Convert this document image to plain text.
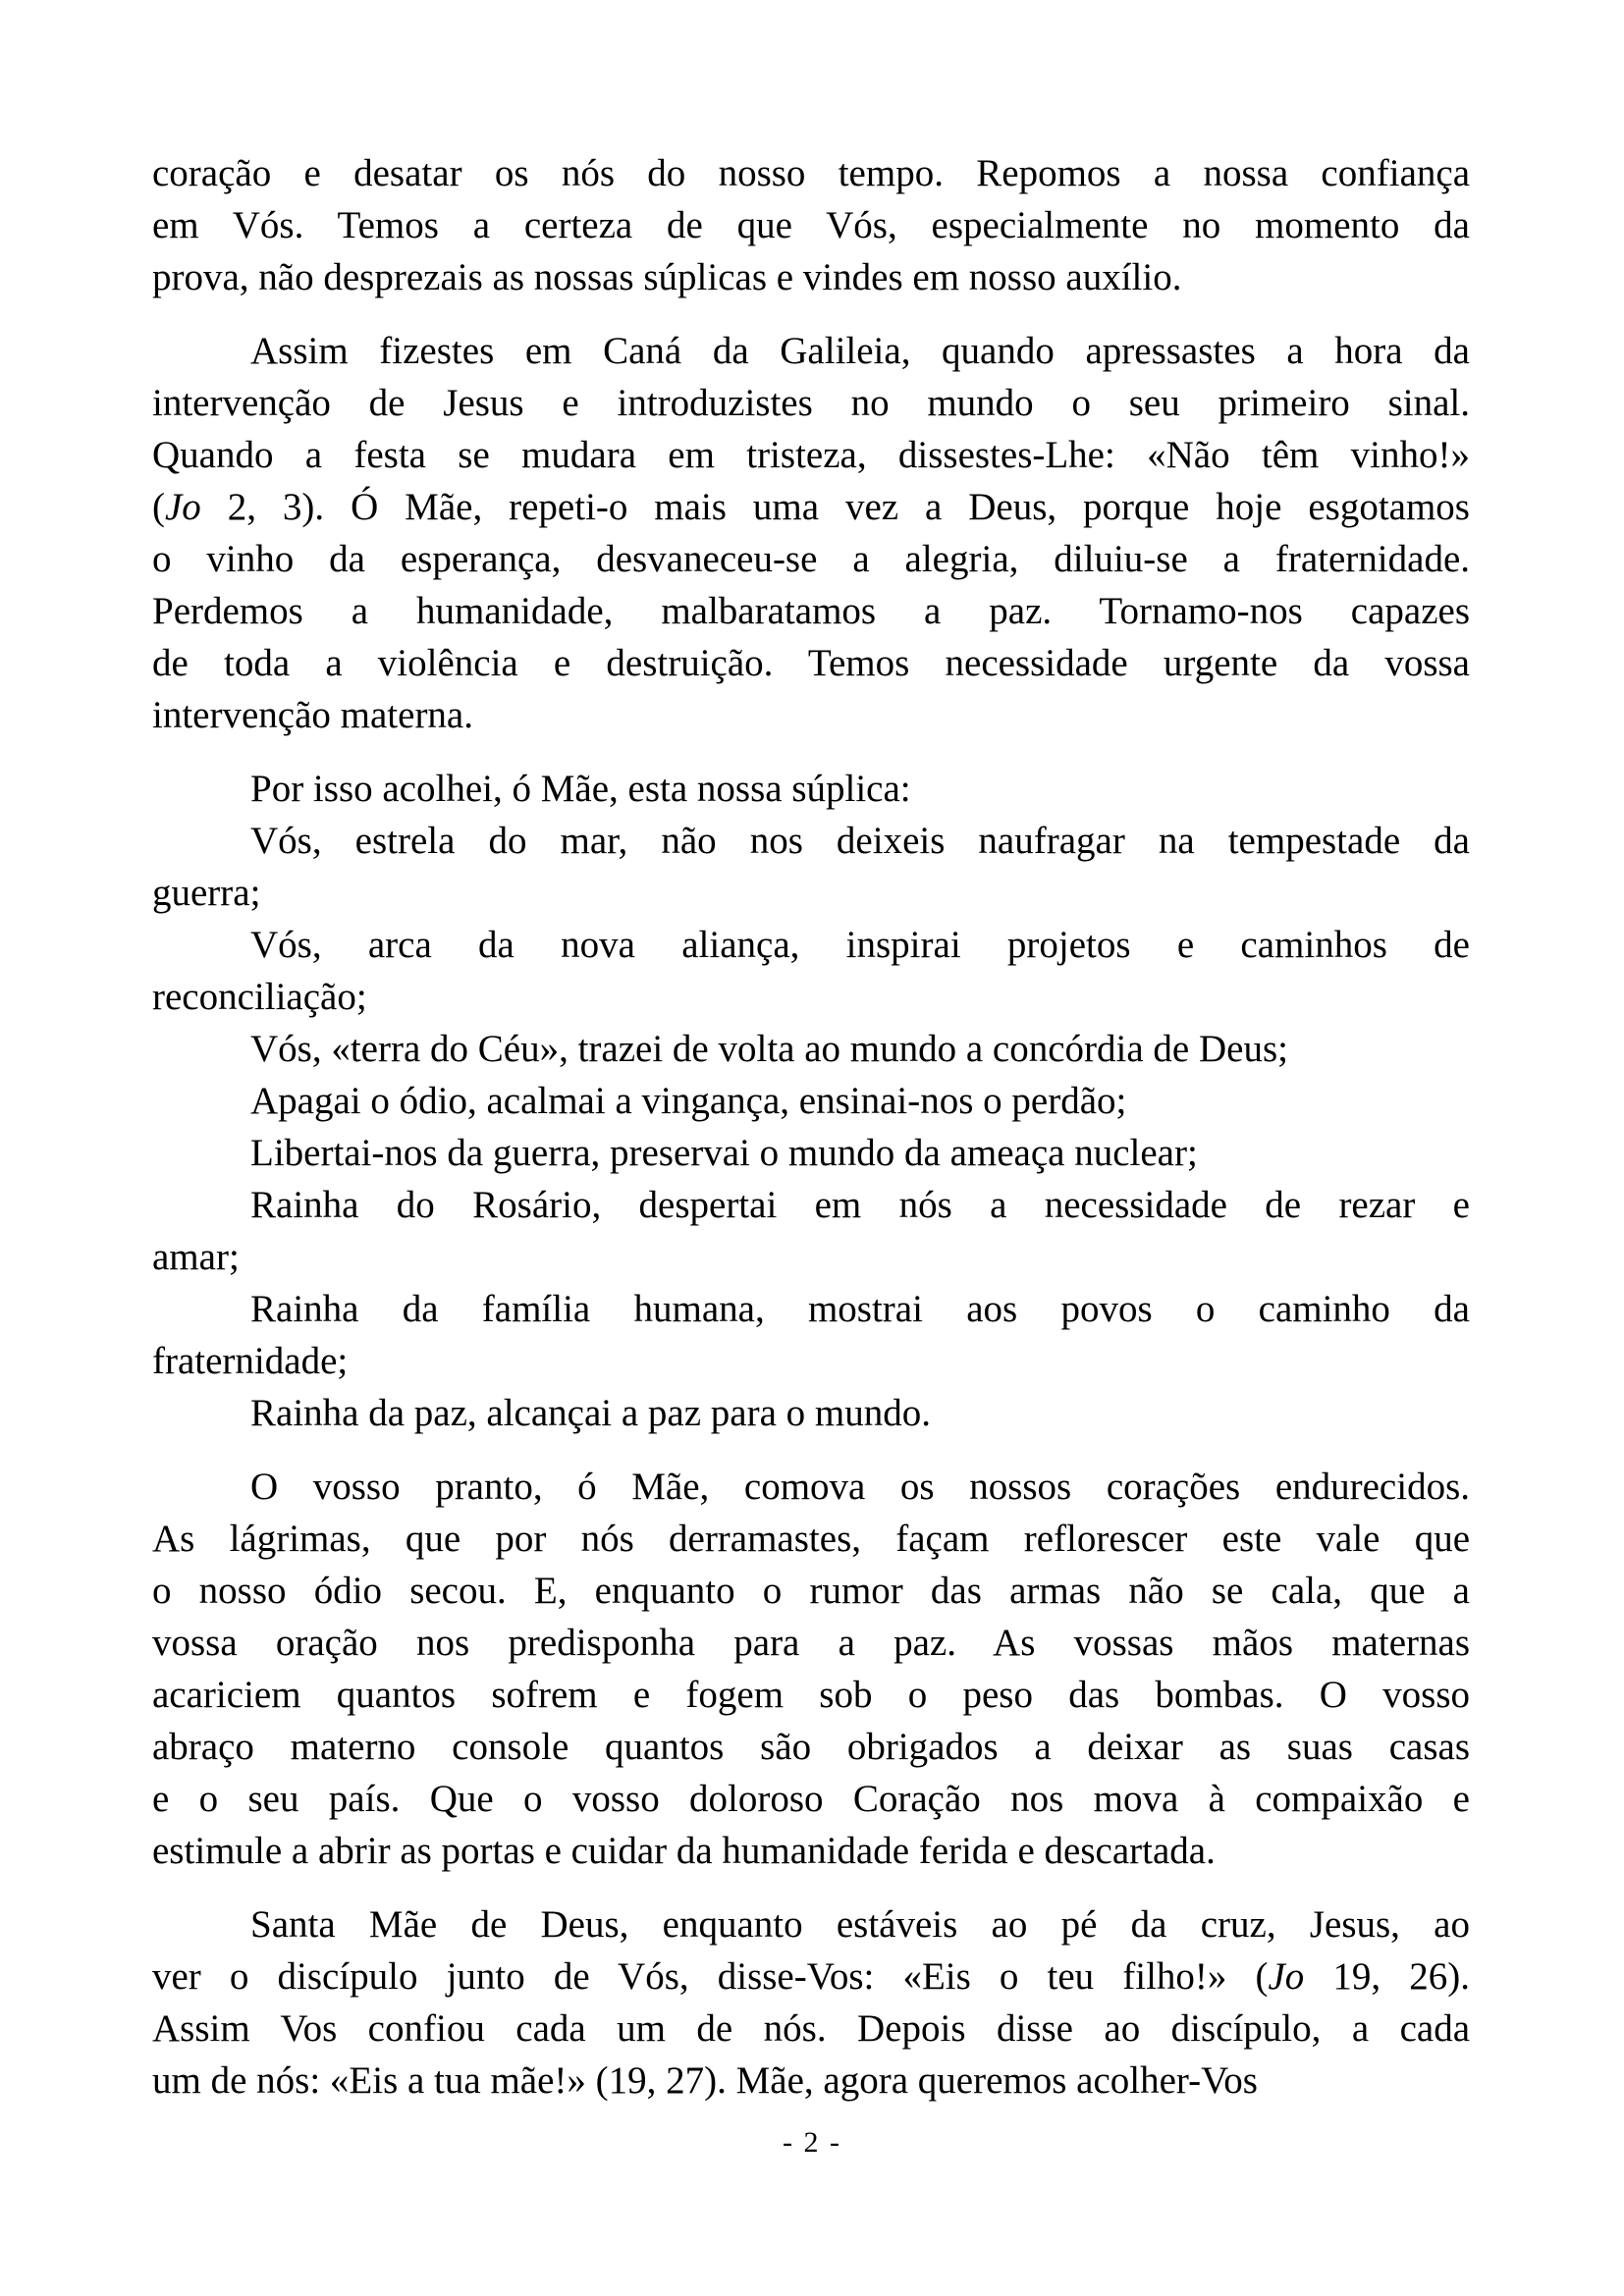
coração e desatar os nós do nosso tempo. Repomos a nossa confiança
em Vós. Temos a certeza de que Vós, especialmente no momento da
prova, não desprezais as nossas súplicas e vindes em nosso auxílio.
Assim fizestes em Caná da Galileia, quando apressastes a hora da
intervenção de Jesus e introduzistes no mundo o seu primeiro sinal.
Quando a festa se mudara em tristeza, dissestes-Lhe: «Não têm vinho!»
(Jo 2, 3). Ó Mãe, repeti-o mais uma vez a Deus, porque hoje esgotamos
o vinho da esperança, desvaneceu-se a alegria, diluiu-se a fraternidade.
Perdemos a humanidade, malbaratamos a paz. Tornamo-nos capazes
de toda a violência e destruição. Temos necessidade urgente da vossa
intervenção materna.
Por isso acolhei, ó Mãe, esta nossa súplica:
Vós, estrela do mar, não nos deixeis naufragar na tempestade da
guerra;
Vós, arca da nova aliança, inspirai projetos e caminhos de
reconciliação;
Vós, «terra do Céu», trazei de volta ao mundo a concórdia de Deus;
Apagai o ódio, acalmai a vingança, ensinai-nos o perdão;
Libertai-nos da guerra, preservai o mundo da ameaça nuclear;
Rainha do Rosário, despertai em nós a necessidade de rezar e
amar;
Rainha da família humana, mostrai aos povos o caminho da
fraternidade;
Rainha da paz, alcançai a paz para o mundo.
O vosso pranto, ó Mãe, comova os nossos corações endurecidos.
As lágrimas, que por nós derramastes, façam reflorescer este vale que
o nosso ódio secou. E, enquanto o rumor das armas não se cala, que a
vossa oração nos predisponha para a paz. As vossas mãos maternas
acariciem quantos sofrem e fogem sob o peso das bombas. O vosso
abraço materno console quantos são obrigados a deixar as suas casas
e o seu país. Que o vosso doloroso Coração nos mova à compaixão e
estimule a abrir as portas e cuidar da humanidade ferida e descartada.
Santa Mãe de Deus, enquanto estáveis ao pé da cruz, Jesus, ao
ver o discípulo junto de Vós, disse-Vos: «Eis o teu filho!» (Jo 19, 26).
Assim Vos confiou cada um de nós. Depois disse ao discípulo, a cada
um de nós: «Eis a tua mãe!» (19, 27). Mãe, agora queremos acolher-Vos
- 2 -
